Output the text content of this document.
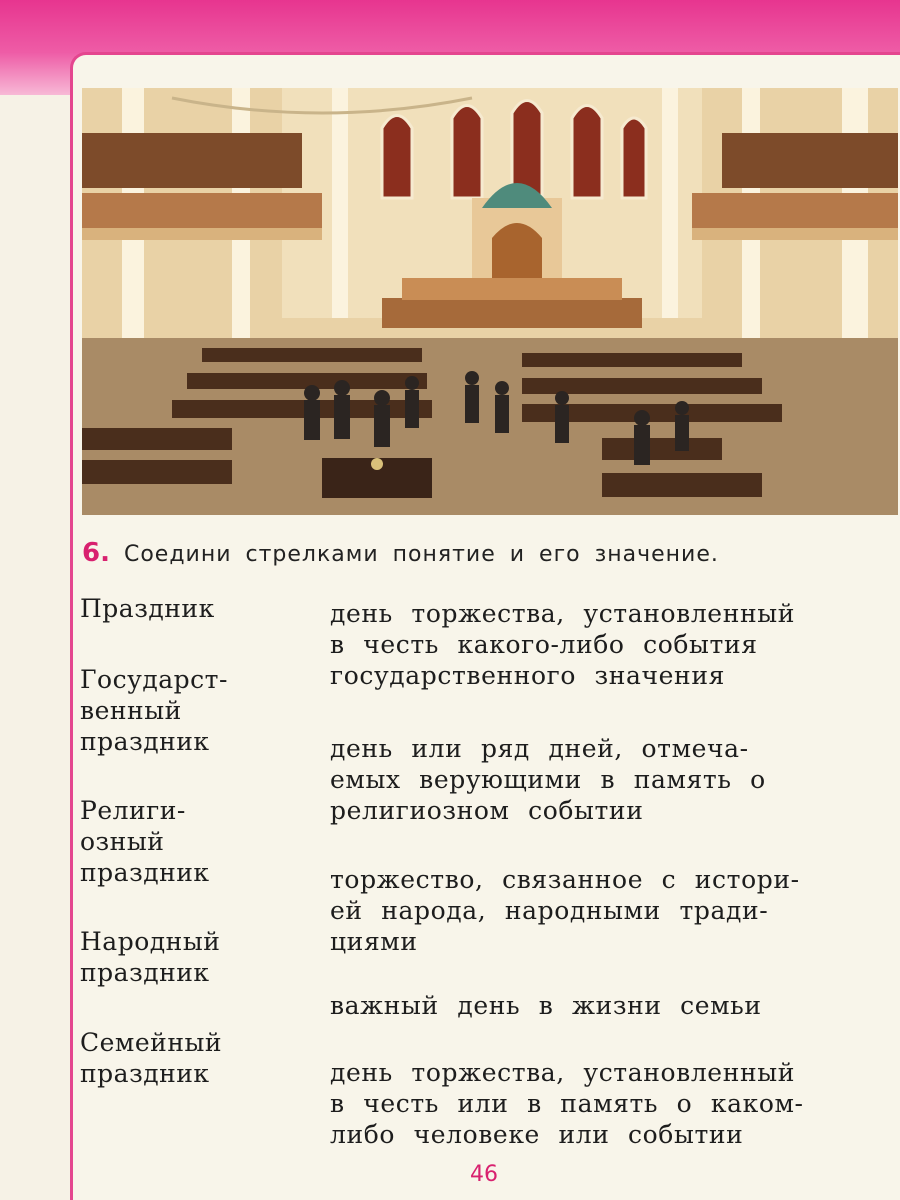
6. Соедини стрелками понятие и его значение.
Праздник
Государст-
венный
праздник
Религи-
озный
праздник
Народный
праздник
Семейный
праздник
день торжества, установленный
в честь какого-либо события
государственного значения
день или ряд дней, отмеча-
емых верующими в память о
религиозном событии
торжество, связанное с истори-
ей народа, народными тради-
циями
важный день в жизни семьи
день торжества, установленный
в честь или в память о каком-
либо человеке или событии
46
